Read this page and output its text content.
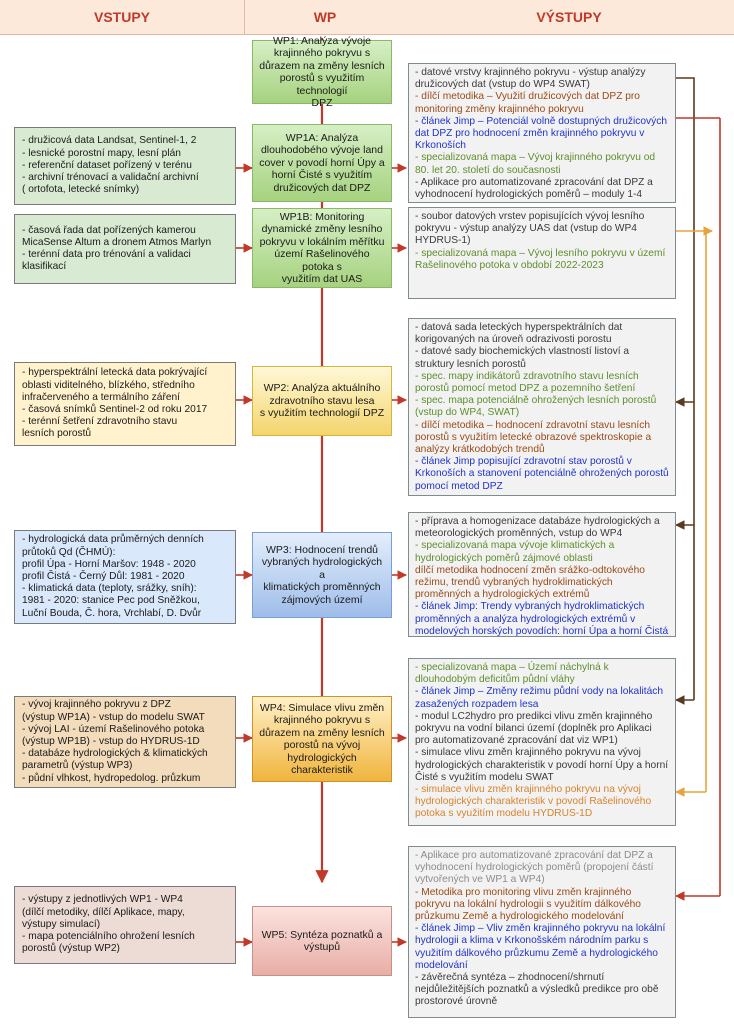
VSTUPY	WP	VÝSTUPY
WP1: Analýza vývoje
krajinného pokryvu s
důrazem na změny lesních
porostů s využitím technologií
DPZ
WP1A: Analýza
dlouhodobého vývoje land
cover v povodí horní Úpy a
horní Čisté s využitím
družicových dat DPZ
WP1B: Monitoring
dynamické změny lesního
pokryvu v lokálním měřítku
území Rašelinového potoka s
využitím dat UAS
WP2: Analýza aktuálního
zdravotního stavu lesa
s využitím technologií DPZ
WP3: Hodnocení trendů
vybraných hydrologických a
klimatických proměnných
zájmových území
WP4: Simulace vlivu změn
krajinného pokryvu s
důrazem na změny lesních
porostů na vývoj
hydrologických charakteristik
WP5: Syntéza poznatků a
výstupů
- družicová data Landsat, Sentinel-1, 2
- lesnické porostní mapy, lesní plán
- referenční dataset pořízený v terénu
- archivní trénovací a validační archivní
( ortofota, letecké snímky)
- časová řada dat pořízených kamerou
MicaSense Altum a dronem Atmos Marlyn
- terénní data pro trénování a validaci
klasifikací
- hyperspektrální letecká data pokrývající
oblasti viditelného, blízkého, středního
infračerveného a termálního záření
- časová snímků Sentinel-2 od roku 2017
- terénní šetření zdravotního stavu
lesních porostů
- hydrologická data průměrných denních
průtoků Qd (ČHMÚ):
profil Úpa - Horní Maršov: 1948 - 2020
profil Čistá - Černý Důl: 1981 - 2020
- klimatická data (teploty, srážky, sníh):
1981 - 2020: stanice Pec pod Sněžkou,
Luční Bouda, Č. hora, Vrchlabí, D. Dvůr
- vývoj krajinného pokryvu z DPZ
(výstup WP1A) - vstup do modelu SWAT
- vývoj LAI - území Rašelinového potoka
(výstup WP1B) - vstup do HYDRUS-1D
- databáze hydrologických & klimatických
parametrů (výstup WP3)
- půdní vlhkost, hydropedolog. průzkum
- výstupy z jednotlivých WP1 - WP4
(dílčí metodiky, dílčí Aplikace, mapy,
výstupy simulací)
- mapa potenciálního ohrožení lesních
porostů (výstup WP2)
- datové vrstvy krajinného pokryvu - výstup analýzy
družicových dat (vstup do WP4 SWAT)
- dílčí metodika – Využití družicových dat DPZ pro
monitoring změny krajinného pokryvu
- článek Jimp – Potenciál volně dostupných družicových
dat DPZ pro hodnocení změn krajinného pokryvu v
Krkonoších
- specializovaná mapa – Vývoj krajinného pokryvu od
80. let 20. století do současnosti
- Aplikace pro automatizované zpracování dat DPZ a
vyhodnocení hydrologických poměrů – moduly 1-4
- soubor datových vrstev popisujících vývoj lesního
pokryvu - výstup analýzy UAS dat (vstup do WP4
HYDRUS-1)
- specializovaná mapa – Vývoj lesního pokryvu v území
Rašelinového potoka v období 2022-2023
- datová sada leteckých hyperspektrálních dat
korigovaných na úroveň odrazivosti porostu
- datové sady biochemických vlastností listoví a
struktury lesních porostů
- spec. mapy indikátorů zdravotního stavu lesních
porostů pomocí metod DPZ a pozemního šetření
- spec. mapa potenciálně ohrožených lesních porostů
(vstup do WP4, SWAT)
- dílčí metodika – hodnocení zdravotní stavu lesních
porostů s využitím letecké obrazové spektroskopie a
analýzy krátkodobých trendů
- článek Jimp popisující zdravotní stav porostů v
Krkonoších a stanovení potenciálně ohrožených porostů
pomocí metod DPZ
- příprava a homogenizace databáze hydrologických a
meteorologických proměnných, vstup do WP4
- specializovaná mapa vývoje klimatických a
hydrologických poměrů zájmové oblasti
dílčí metodika hodnocení změn srážko-odtokového
režimu, trendů vybraných hydroklimatických
proměnných a hydrologických extrémů
- článek Jimp: Trendy vybraných hydroklimatických
proměnných a analýza hydrologických extrémů v
modelových horských povodích: horní Úpa a horní Čistá
- specializovaná mapa – Území náchylná k
dlouhodobým deficitům půdní vláhy
- článek Jimp – Změny režimu půdní vody na lokalitách
zasažených rozpadem lesa
- modul LC2hydro pro predikci vlivu změn krajinného
pokryvu na vodní bilanci území (doplněk pro Aplikaci
pro automatizované zpracování dat viz WP1)
- simulace vlivu změn krajinného pokryvu na vývoj
hydrologických charakteristik v povodí horní Úpy a horní
Čisté s využitím modelu SWAT
- simulace vlivu změn krajinného pokryvu na vývoj
hydrologických charakteristik v povodí Rašelinového
potoka s využitím modelu HYDRUS-1D
- Aplikace pro automatizované zpracování dat DPZ a
vyhodnocení hydrologických poměrů (propojení částí
vytvořených ve WP1 a WP4)
- Metodika pro monitoring vlivu změn krajinného
pokryvu na lokální hydrologii s využitím dálkového
průzkumu Země a hydrologického modelování
- článek Jimp – Vliv změn krajinného pokryvu na lokální
hydrologii a klima v Krkonošském národním parku s
využitím dálkového průzkumu Země a hydrologického
modelování
- závěrečná syntéza – zhodnocení/shrnutí
nejdůležitějších poznatků a výsledků predikce pro obě
prostorové úrovně
